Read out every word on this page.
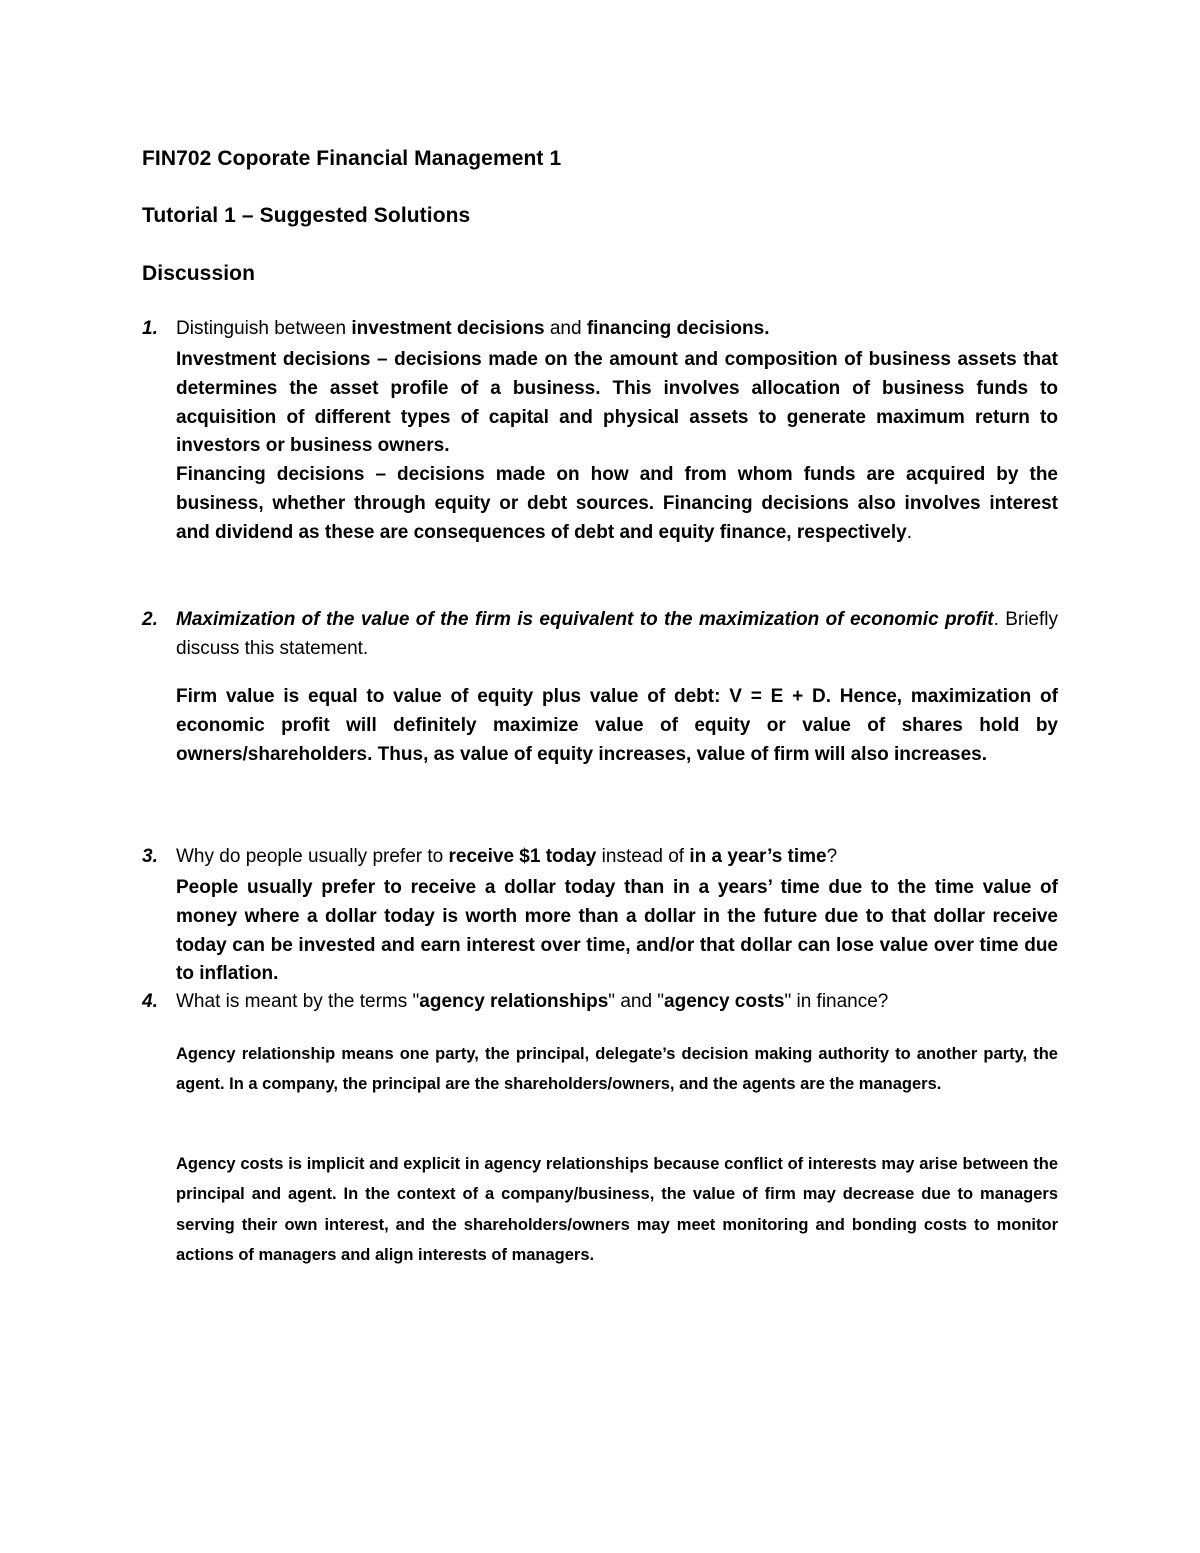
FIN702 Coporate Financial Management 1
Tutorial 1 – Suggested Solutions
Discussion
1. Distinguish between investment decisions and financing decisions.

Investment decisions – decisions made on the amount and composition of business assets that determines the asset profile of a business. This involves allocation of business funds to acquisition of different types of capital and physical assets to generate maximum return to investors or business owners.

Financing decisions – decisions made on how and from whom funds are acquired by the business, whether through equity or debt sources. Financing decisions also involves interest and dividend as these are consequences of debt and equity finance, respectively.

2. Maximization of the value of the firm is equivalent to the maximization of economic profit. Briefly discuss this statement.

Firm value is equal to value of equity plus value of debt: V = E + D. Hence, maximization of economic profit will definitely maximize value of equity or value of shares hold by owners/shareholders. Thus, as value of equity increases, value of firm will also increases.

3. Why do people usually prefer to receive $1 today instead of in a year’s time?

People usually prefer to receive a dollar today than in a years’ time due to the time value of money where a dollar today is worth more than a dollar in the future due to that dollar receive today can be invested and earn interest over time, and/or that dollar can lose value over time due to inflation.

4. What is meant by the terms "agency relationships" and "agency costs" in finance?

Agency relationship means one party, the principal, delegate’s decision making authority to another party, the agent. In a company, the principal are the shareholders/owners, and the agents are the managers.

Agency costs is implicit and explicit in agency relationships because conflict of interests may arise between the principal and agent. In the context of a company/business, the value of firm may decrease due to managers serving their own interest, and the shareholders/owners may meet monitoring and bonding costs to monitor actions of managers and align interests of managers.
